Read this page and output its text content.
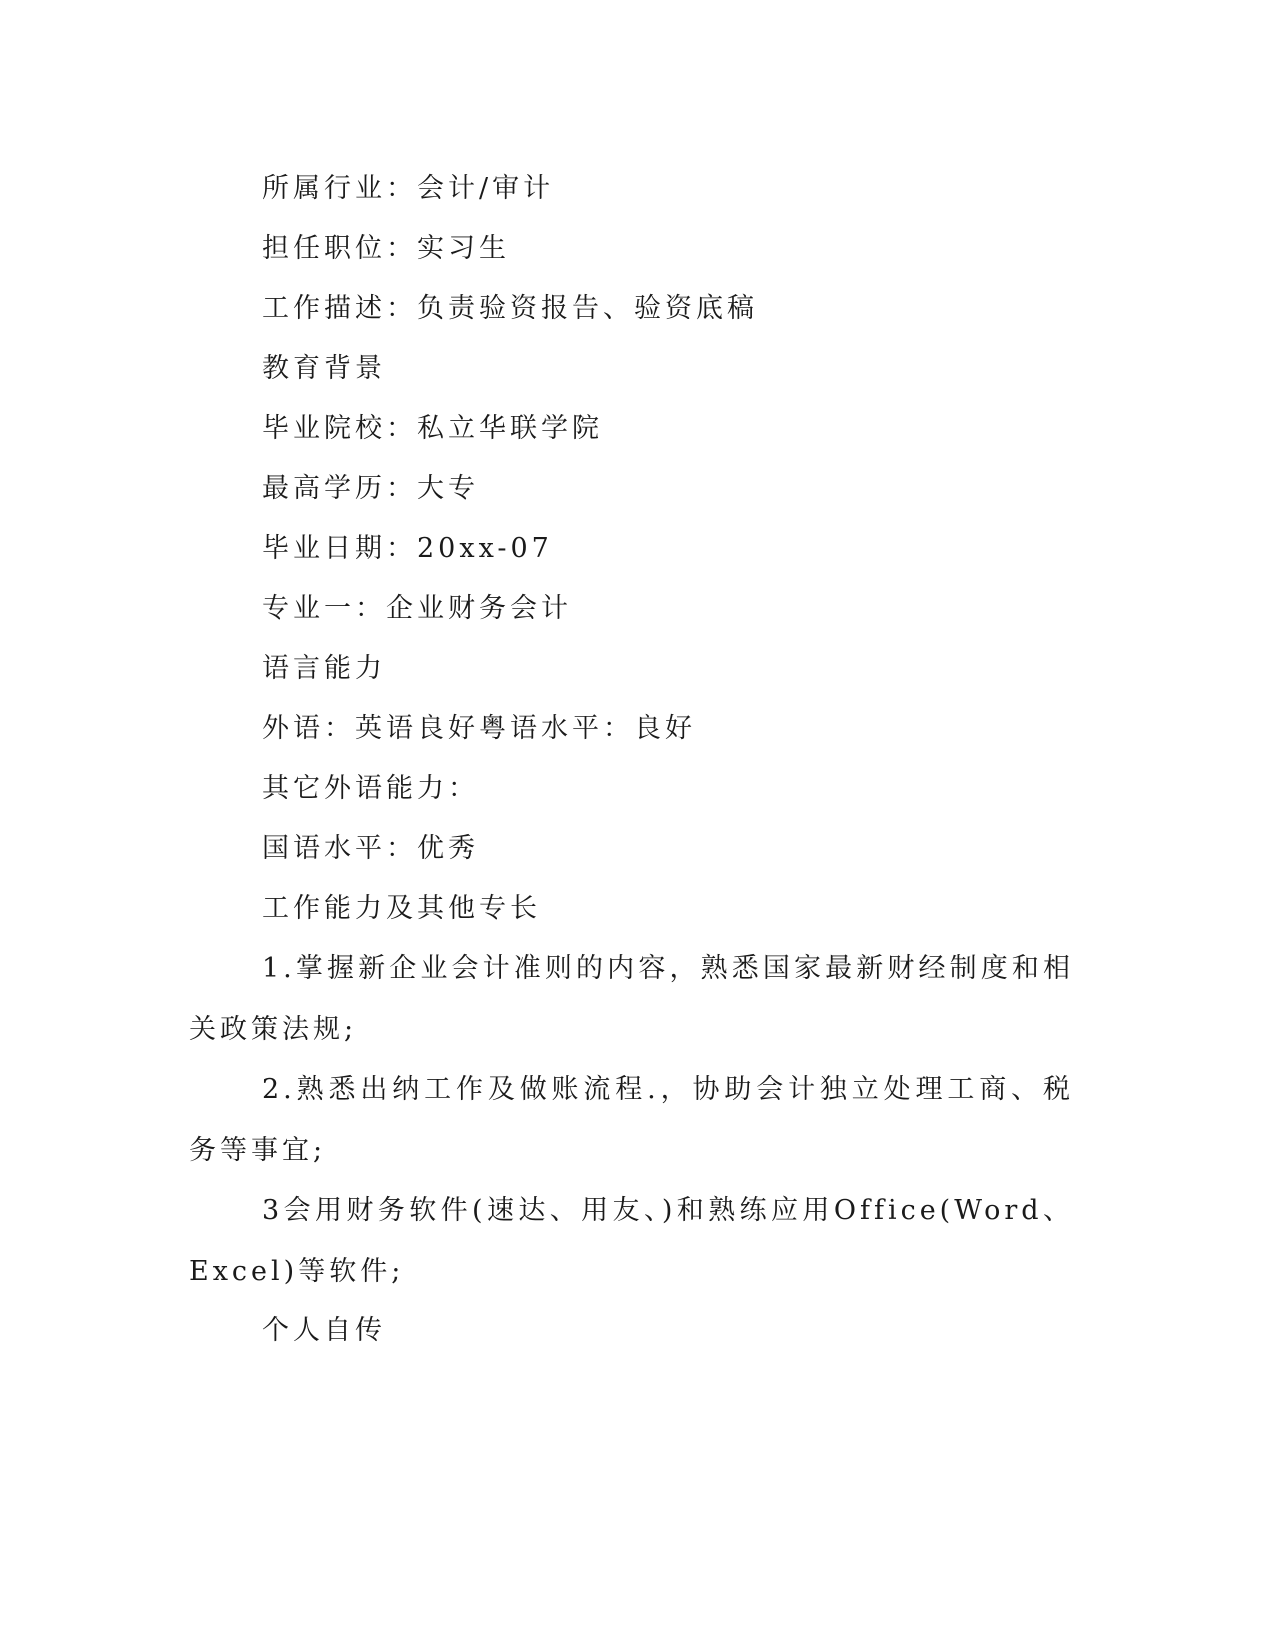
所属行业：会计/审计
担任职位：实习生
工作描述：负责验资报告、验资底稿
教育背景
毕业院校：私立华联学院
最高学历：大专
毕业日期：20xx-07
专业一：企业财务会计
语言能力
外语：英语良好粤语水平：良好
其它外语能力：
国语水平：优秀
工作能力及其他专长
1.掌握新企业会计准则的内容，熟悉国家最新财经制度和相关政策法规;
2.熟悉出纳工作及做账流程.，协助会计独立处理工商、税务等事宜;
3会用财务软件(速达、用友、)和熟练应用Office(Word、Excel)等软件;
个人自传
